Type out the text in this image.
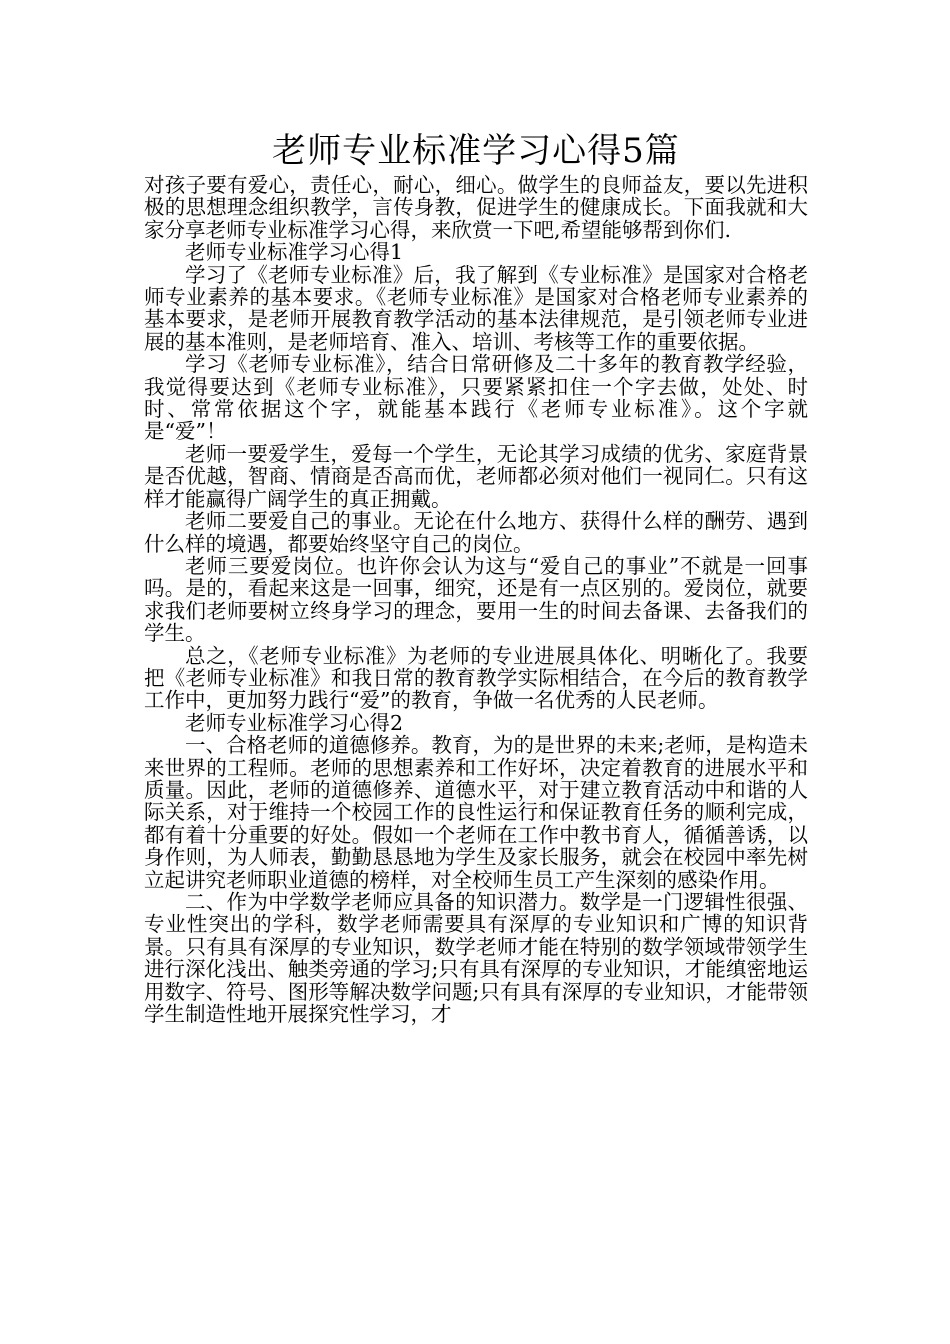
老师专业标准学习心得5篇

对孩子要有爱心，责任心，耐心，细心。做学生的良师益友，要以先进积极的思想理念组织教学，言传身教，促进学生的健康成长。下面我就和大家分享老师专业标准学习心得，来欣赏一下吧,希望能够帮到你们.

老师专业标准学习心得1

学习了《老师专业标准》后，我了解到《专业标准》是国家对合格老师专业素养的基本要求。《老师专业标准》是国家对合格老师专业素养的基本要求，是老师开展教育教学活动的基本法律规范，是引领老师专业进展的基本准则，是老师培育、准入、培训、考核等工作的重要依据。

学习《老师专业标准》，结合日常研修及二十多年的教育教学经验，我觉得要达到《老师专业标准》，只要紧紧扣住一个字去做，处处、时时、常常依据这个字，就能基本践行《老师专业标准》。这个字就是“爱”！

老师一要爱学生，爱每一个学生，无论其学习成绩的优劣、家庭背景是否优越，智商、情商是否高而优，老师都必须对他们一视同仁。只有这样才能赢得广阔学生的真正拥戴。

老师二要爱自己的事业。无论在什么地方、获得什么样的酬劳、遇到什么样的境遇，都要始终坚守自己的岗位。

老师三要爱岗位。也许你会认为这与“爱自己的事业”不就是一回事吗。是的，看起来这是一回事，细究，还是有一点区别的。爱岗位，就要求我们老师要树立终身学习的理念，要用一生的时间去备课、去备我们的学生。

总之，《老师专业标准》为老师的专业进展具体化、明晰化了。我要把《老师专业标准》和我日常的教育教学实际相结合，在今后的教育教学工作中，更加努力践行“爱”的教育，争做一名优秀的人民老师。

老师专业标准学习心得2

一、合格老师的道德修养。教育，为的是世界的未来;老师，是构造未来世界的工程师。老师的思想素养和工作好坏，决定着教育的进展水平和质量。因此，老师的道德修养、道德水平，对于建立教育活动中和谐的人际关系，对于维持一个校园工作的良性运行和保证教育任务的顺利完成，都有着十分重要的好处。假如一个老师在工作中教书育人，循循善诱，以身作则，为人师表，勤勤恳恳地为学生及家长服务，就会在校园中率先树立起讲究老师职业道德的榜样，对全校师生员工产生深刻的感染作用。

二、作为中学数学老师应具备的知识潜力。数学是一门逻辑性很强、专业性突出的学科，数学老师需要具有深厚的专业知识和广博的知识背景。只有具有深厚的专业知识，数学老师才能在特别的数学领域带领学生进行深化浅出、触类旁通的学习;只有具有深厚的专业知识，才能缜密地运用数字、符号、图形等解决数学问题;只有具有深厚的专业知识，才能带领学生制造性地开展探究性学习，才
